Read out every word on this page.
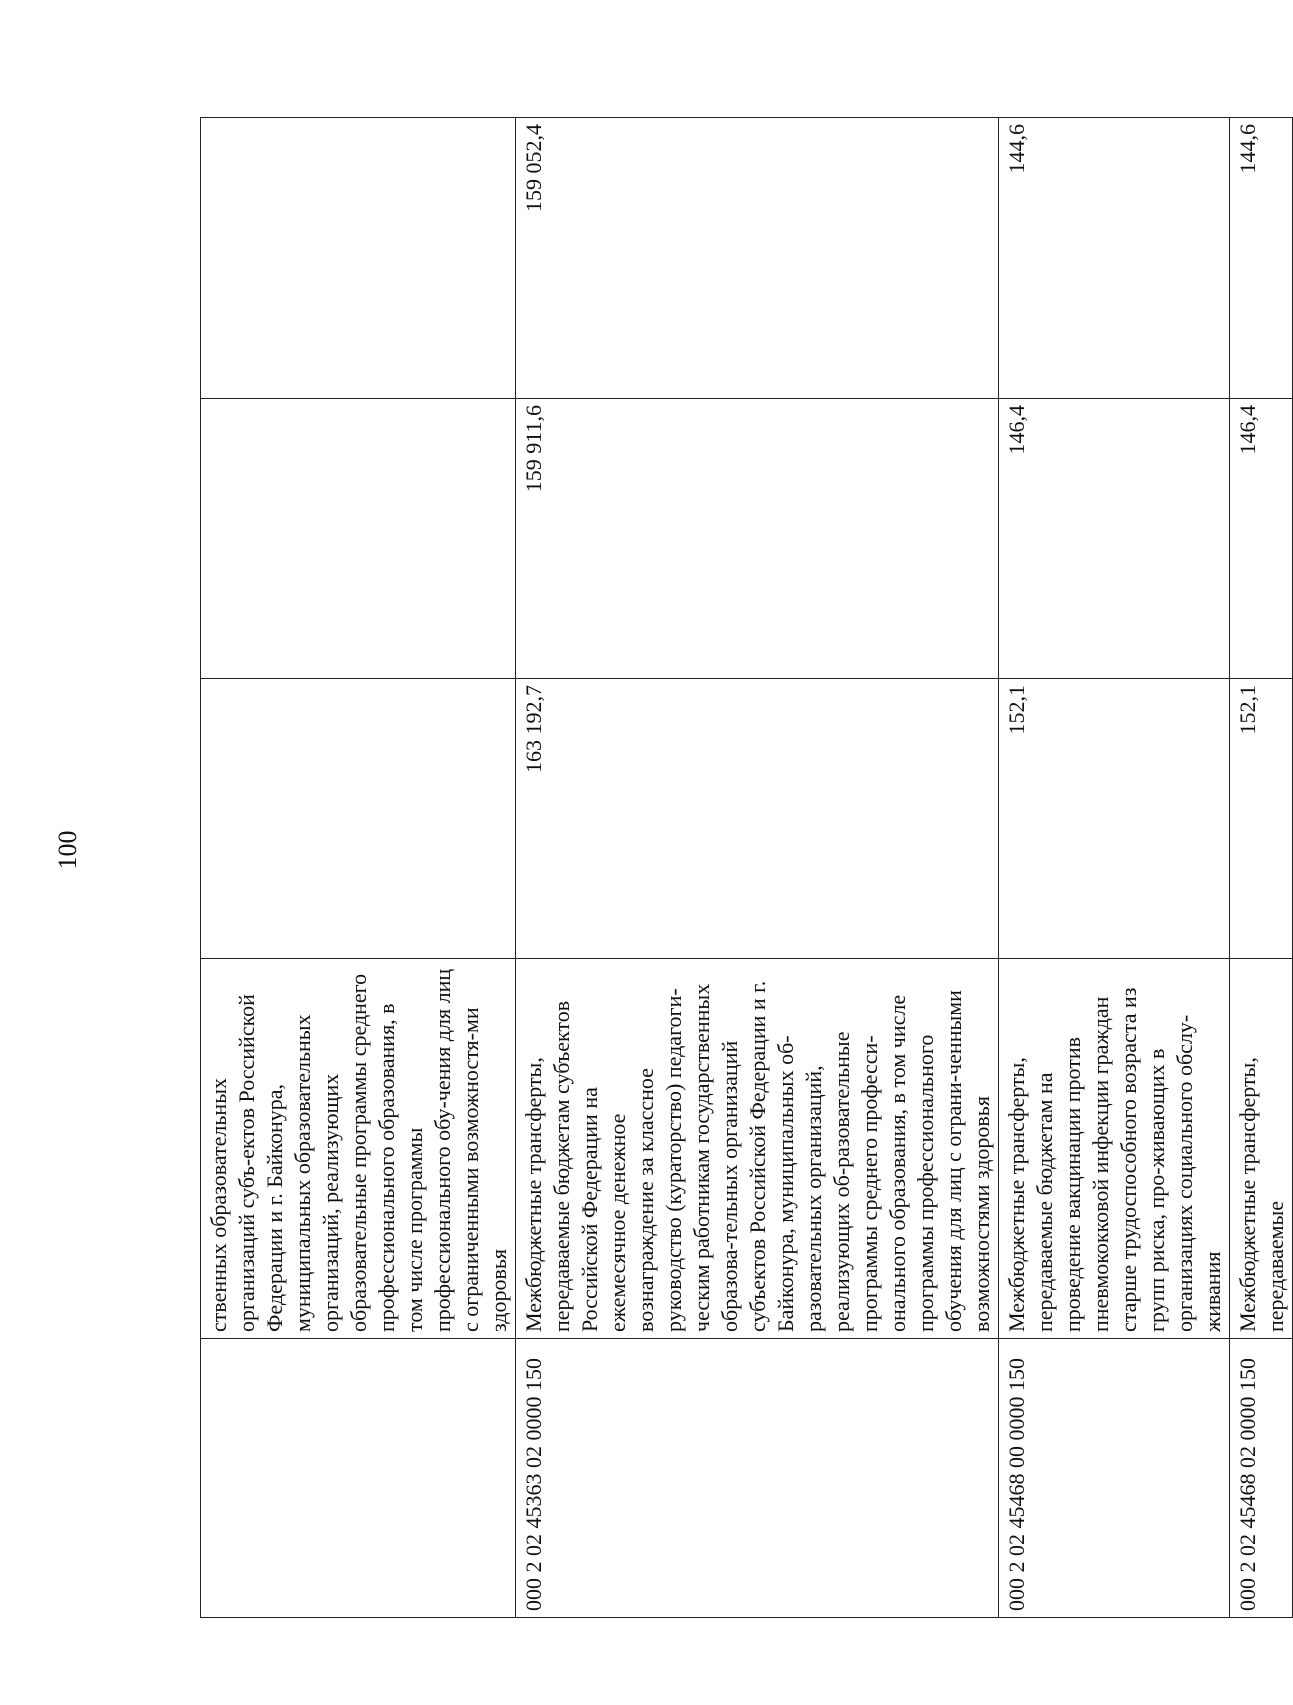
100

	ственных образовательных организаций субъ-ектов Российской Федерации и г. Байконура, муниципальных образовательных организаций, реализующих образовательные программы среднего профессионального образования, в том числе программы профессионального обу-чения для лиц с ограниченными возможностя-ми здоровья			

000 2 02 45363 02 0000 150	Межбюджетные трансферты, передаваемые бюджетам субъектов Российской Федерации на ежемесячное денежное вознаграждение за классное руководство (кураторство) педагоги-ческим работникам государственных образова-тельных организаций субъектов Российской Федерации и г. Байконура, муниципальных об-разовательных организаций, реализующих об-разовательные программы среднего професси-онального образования, в том числе программы профессионального обучения для лиц с ограни-ченными возможностями здоровья	163 192,7	159 911,6	159 052,4
000 2 02 45468 00 0000 150	Межбюджетные трансферты, передаваемые бюджетам на проведение вакцинации против пневмококковой инфекции граждан старше трудоспособного возраста из групп риска, про-живающих в организациях социального обслу-живания	152,1	146,4	144,6
000 2 02 45468 02 0000 150	Межбюджетные трансферты, передаваемые	152,1	146,4	144,6
